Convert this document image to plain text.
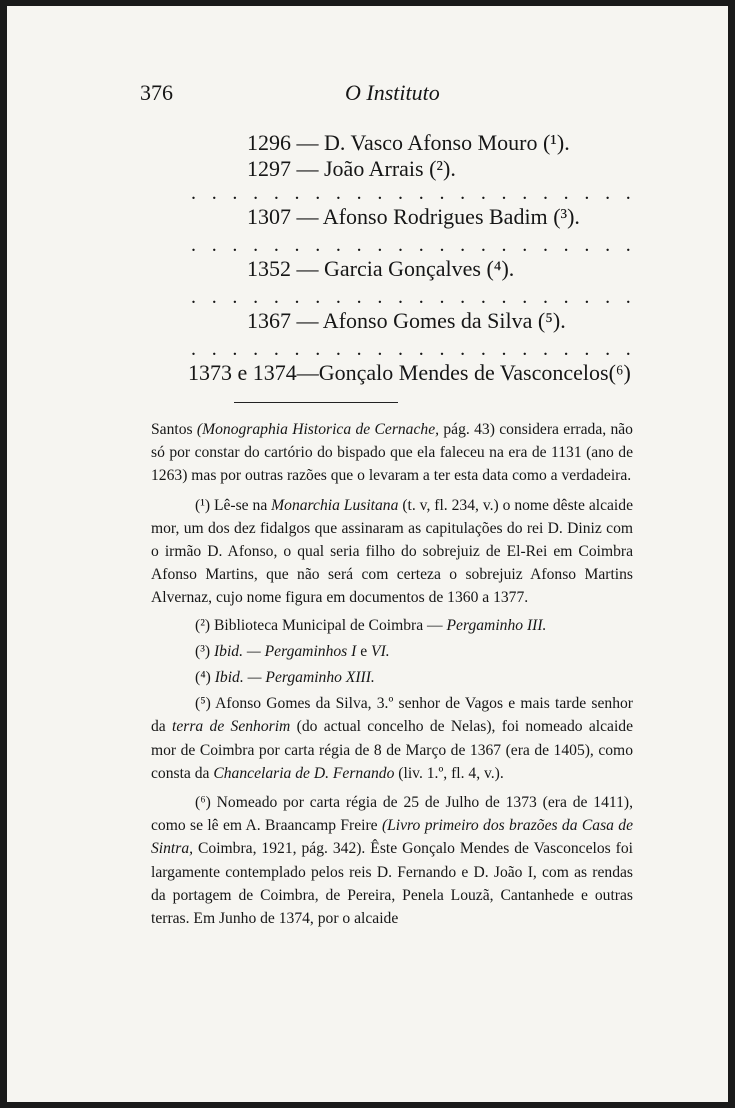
376	O Instituto
1296 — D. Vasco Afonso Mouro (¹).
1297 — João Arrais (²).
. . . . . . . . . . . . . . . . . . . . . .
1307 — Afonso Rodrigues Badim (³).
. . . . . . . . . . . . . . . . . . . . . .
1352 — Garcia Gonçalves (⁴).
. . . . . . . . . . . . . . . . . . . . . .
1367 — Afonso Gomes da Silva (⁵).
. . . . . . . . . . . . . . . . . . . . . .
1373 e 1374 — Gonçalo Mendes de Vasconcelos (⁶)

Santos (Monographia Historica de Cernache, pág. 43) considera errada, não só por constar do cartório do bispado que ela faleceu na era de 1131 (ano de 1263) mas por outras razões que o levaram a ter esta data como a verdadeira.

(¹) Lê-se na Monarchia Lusitana (t. v, fl. 234, v.) o nome dêste alcaide mor, um dos dez fidalgos que assinaram as capitulações do rei D. Diniz com o irmão D. Afonso, o qual seria filho do sobrejuiz de El-Rei em Coimbra Afonso Martins, que não será com certeza o sobrejuiz Afonso Martins Alvernaz, cujo nome figura em documentos de 1360 a 1377.

(²) Biblioteca Municipal de Coimbra — Pergaminho III.

(³) Ibid. — Pergaminhos I e VI.

(⁴) Ibid. — Pergaminho XIII.

(⁵) Afonso Gomes da Silva, 3.º senhor de Vagos e mais tarde senhor da terra de Senhorim (do actual concelho de Nelas), foi nomeado alcaide mor de Coimbra por carta régia de 8 de Março de 1367 (era de 1405), como consta da Chancelaria de D. Fernando (liv. 1.º, fl. 4, v.).

(⁶) Nomeado por carta régia de 25 de Julho de 1373 (era de 1411), como se lê em A. Braancamp Freire (Livro primeiro dos brazões da Casa de Sintra, Coimbra, 1921, pág. 342). Êste Gonçalo Mendes de Vasconcelos foi largamente contemplado pelos reis D. Fernando e D. João I, com as rendas da portagem de Coimbra, de Pereira, Penela Louzã, Cantanhede e outras terras. Em Junho de 1374, por o alcaide
